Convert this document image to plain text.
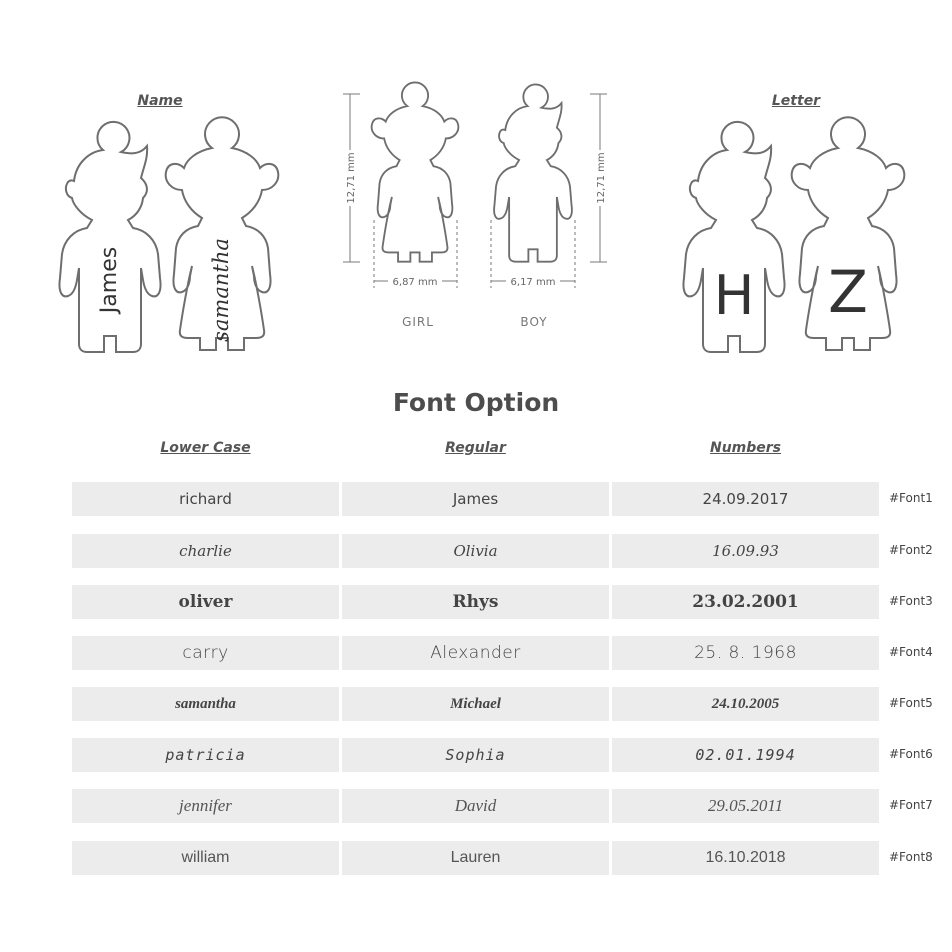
Name	Letter
James	samantha
12,71 mm	12,71 mm
6,87 mm	6,17 mm
GIRL	BOY	H Z
Font Option
Lower Case	Regular	Numbers
richard	James	24.09.2017	#Font1
charlie	Olivia	16.09.93	#Font2
oliver	Rhys	23.02.2001	#Font3
carry	Alexander	25. 8. 1968	#Font4
samantha	Michael	24.10.2005	#Font5
patricia	Sophia	02.01.1994	#Font6
jennifer	David	29.05.2011	#Font7
william	Lauren	16.10.2018	#Font8
